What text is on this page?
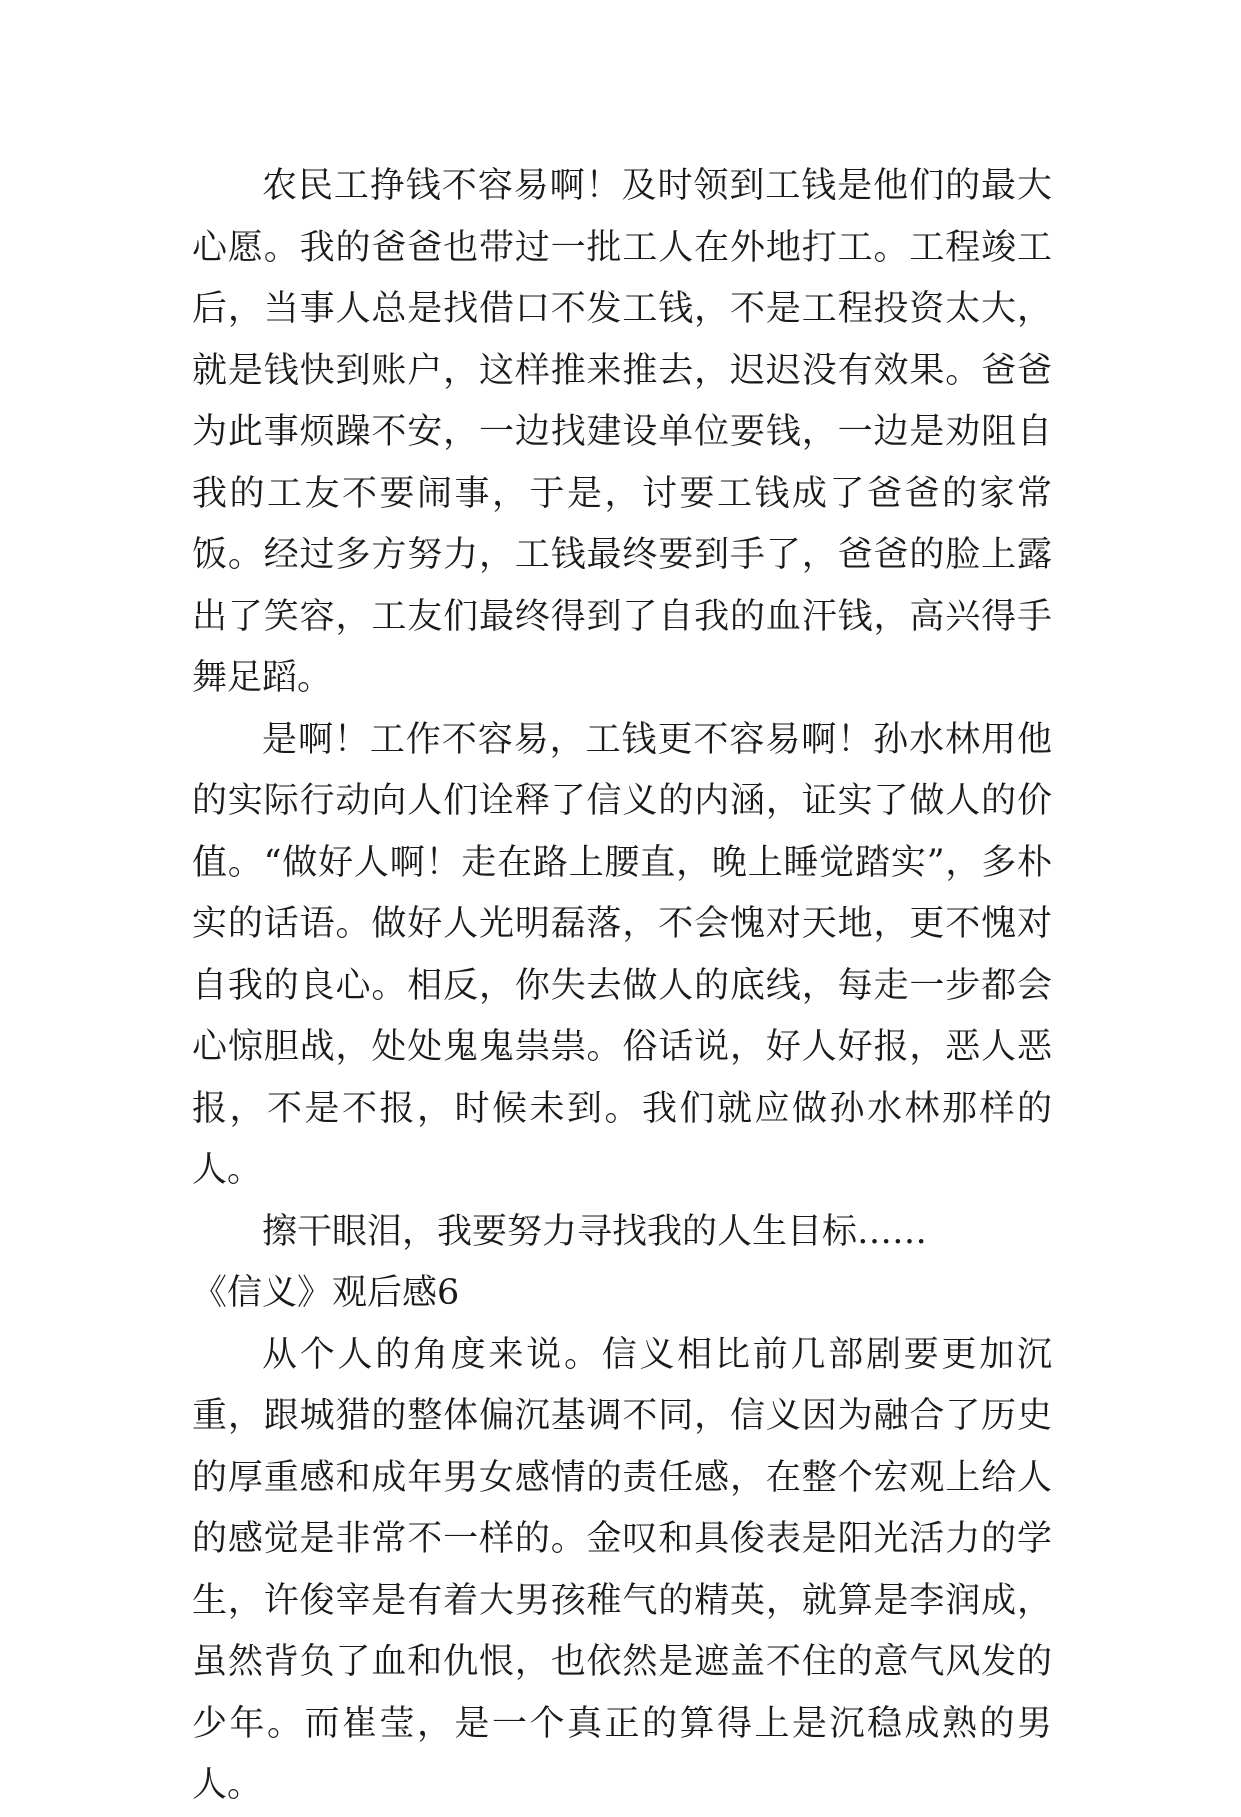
农民工挣钱不容易啊！及时领到工钱是他们的最大心愿。我的爸爸也带过一批工人在外地打工。工程竣工后，当事人总是找借口不发工钱，不是工程投资太大，就是钱快到账户，这样推来推去，迟迟没有效果。爸爸为此事烦躁不安，一边找建设单位要钱，一边是劝阻自我的工友不要闹事，于是，讨要工钱成了爸爸的家常饭。经过多方努力，工钱最终要到手了，爸爸的脸上露出了笑容，工友们最终得到了自我的血汗钱，高兴得手舞足蹈。

是啊！工作不容易，工钱更不容易啊！孙水林用他的实际行动向人们诠释了信义的内涵，证实了做人的价值。“做好人啊！走在路上腰直，晚上睡觉踏实”，多朴实的话语。做好人光明磊落，不会愧对天地，更不愧对自我的良心。相反，你失去做人的底线，每走一步都会心惊胆战，处处鬼鬼祟祟。俗话说，好人好报，恶人恶报，不是不报，时候未到。我们就应做孙水林那样的人。

擦干眼泪，我要努力寻找我的人生目标……

《信义》观后感6

从个人的角度来说。信义相比前几部剧要更加沉重，跟城猎的整体偏沉基调不同，信义因为融合了历史的厚重感和成年男女感情的责任感，在整个宏观上给人的感觉是非常不一样的。金叹和具俊表是阳光活力的学生，许俊宰是有着大男孩稚气的精英，就算是李润成，虽然背负了血和仇恨，也依然是遮盖不住的意气风发的少年。而崔莹，是一个真正的算得上是沉稳成熟的男人。
